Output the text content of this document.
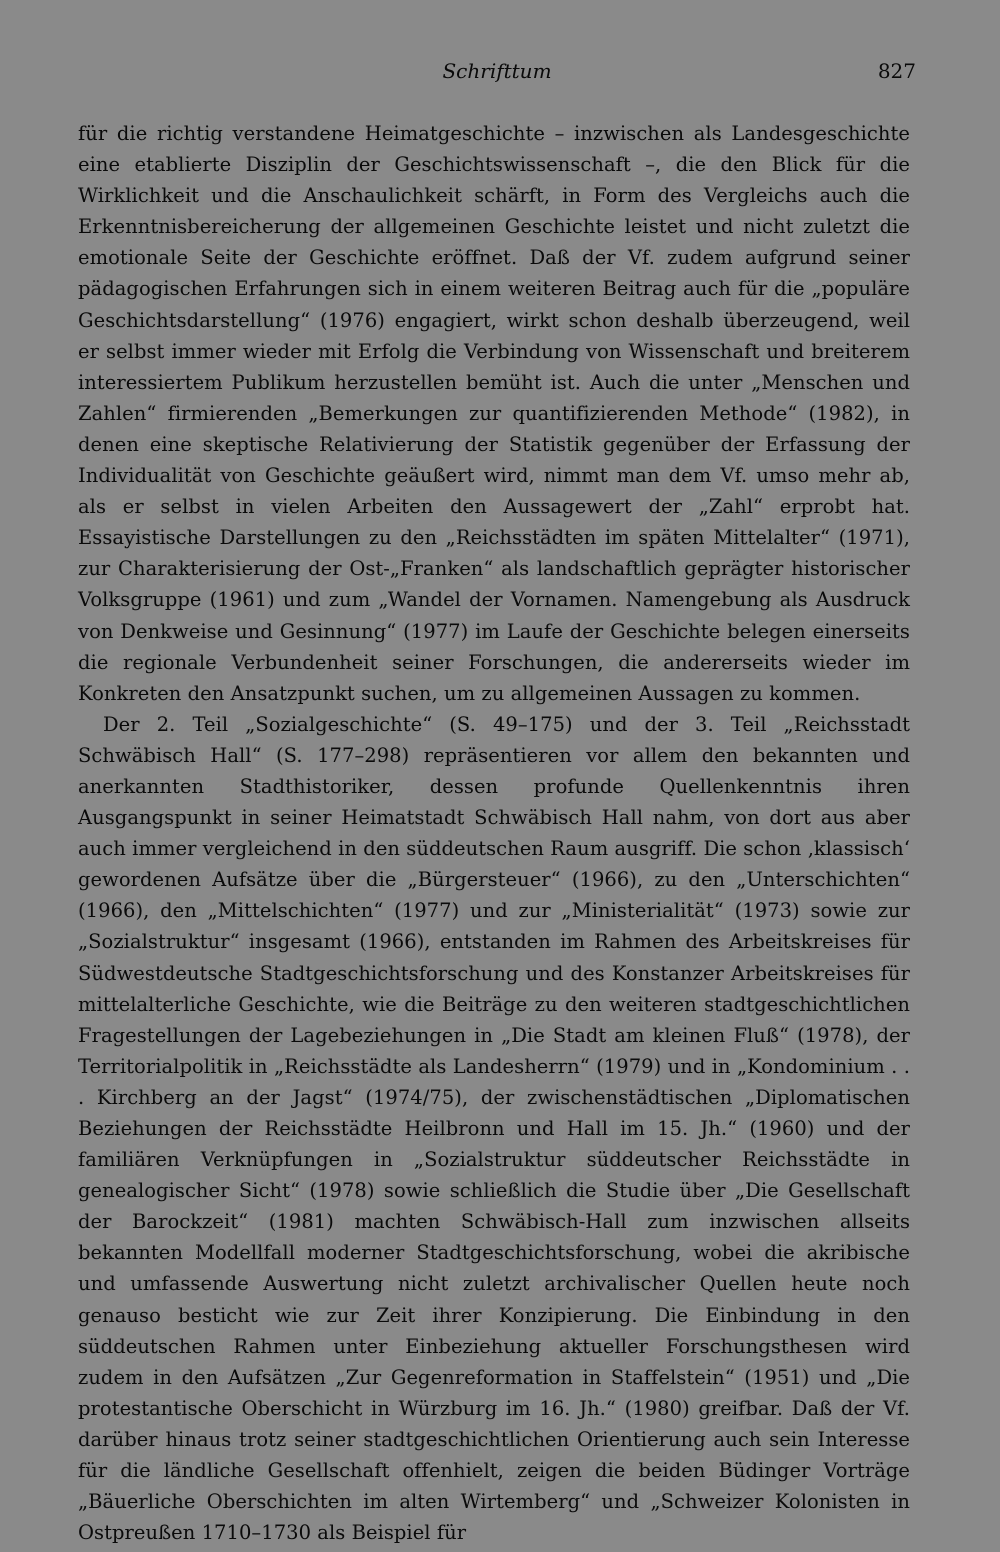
Schrifttum	827

für die richtig verstandene Heimatgeschichte – inzwischen als Landesgeschichte eine etablierte Disziplin der Geschichtswissenschaft –, die den Blick für die Wirklichkeit und die Anschaulichkeit schärft, in Form des Vergleichs auch die Erkenntnisbereicherung der allgemeinen Geschichte leistet und nicht zuletzt die emotionale Seite der Geschichte eröffnet. Daß der Vf. zudem aufgrund seiner pädagogischen Erfahrungen sich in einem weiteren Beitrag auch für die „populäre Geschichtsdarstellung“ (1976) engagiert, wirkt schon deshalb überzeugend, weil er selbst immer wieder mit Erfolg die Verbindung von Wissenschaft und breiterem interessiertem Publikum herzustellen bemüht ist. Auch die unter „Menschen und Zahlen“ firmierenden „Bemerkungen zur quantifizierenden Methode“ (1982), in denen eine skeptische Relativierung der Statistik gegenüber der Erfassung der Individualität von Geschichte geäußert wird, nimmt man dem Vf. umso mehr ab, als er selbst in vielen Arbeiten den Aussagewert der „Zahl“ erprobt hat. Essayistische Darstellungen zu den „Reichsstädten im späten Mittelalter“ (1971), zur Charakterisierung der Ost-„Franken“ als landschaftlich geprägter historischer Volksgruppe (1961) und zum „Wandel der Vornamen. Namengebung als Ausdruck von Denkweise und Gesinnung“ (1977) im Laufe der Geschichte belegen einerseits die regionale Verbundenheit seiner Forschungen, die andererseits wieder im Konkreten den Ansatzpunkt suchen, um zu allgemeinen Aussagen zu kommen.

Der 2. Teil „Sozialgeschichte“ (S. 49–175) und der 3. Teil „Reichsstadt Schwäbisch Hall“ (S. 177–298) repräsentieren vor allem den bekannten und anerkannten Stadthistoriker, dessen profunde Quellenkenntnis ihren Ausgangspunkt in seiner Heimatstadt Schwäbisch Hall nahm, von dort aus aber auch immer vergleichend in den süddeutschen Raum ausgriff. Die schon ‚klassisch‘ gewordenen Aufsätze über die „Bürgersteuer“ (1966), zu den „Unterschichten“ (1966), den „Mittelschichten“ (1977) und zur „Ministerialität“ (1973) sowie zur „Sozialstruktur“ insgesamt (1966), entstanden im Rahmen des Arbeitskreises für Südwestdeutsche Stadtgeschichtsforschung und des Konstanzer Arbeitskreises für mittelalterliche Geschichte, wie die Beiträge zu den weiteren stadtgeschichtlichen Fragestellungen der Lagebeziehungen in „Die Stadt am kleinen Fluß“ (1978), der Territorialpolitik in „Reichsstädte als Landesherrn“ (1979) und in „Kondominium . . . Kirchberg an der Jagst“ (1974/75), der zwischenstädtischen „Diplomatischen Beziehungen der Reichsstädte Heilbronn und Hall im 15. Jh.“ (1960) und der familiären Verknüpfungen in „Sozialstruktur süddeutscher Reichsstädte in genealogischer Sicht“ (1978) sowie schließlich die Studie über „Die Gesellschaft der Barockzeit“ (1981) machten Schwäbisch-Hall zum inzwischen allseits bekannten Modellfall moderner Stadtgeschichtsforschung, wobei die akribische und umfassende Auswertung nicht zuletzt archivalischer Quellen heute noch genauso besticht wie zur Zeit ihrer Konzipierung. Die Einbindung in den süddeutschen Rahmen unter Einbeziehung aktueller Forschungsthesen wird zudem in den Aufsätzen „Zur Gegenreformation in Staffelstein“ (1951) und „Die protestantische Oberschicht in Würzburg im 16. Jh.“ (1980) greifbar. Daß der Vf. darüber hinaus trotz seiner stadtgeschichtlichen Orientierung auch sein Interesse für die ländliche Gesellschaft offenhielt, zeigen die beiden Büdinger Vorträge „Bäuerliche Oberschichten im alten Wirtemberg“ und „Schweizer Kolonisten in Ostpreußen 1710–1730 als Beispiel für
